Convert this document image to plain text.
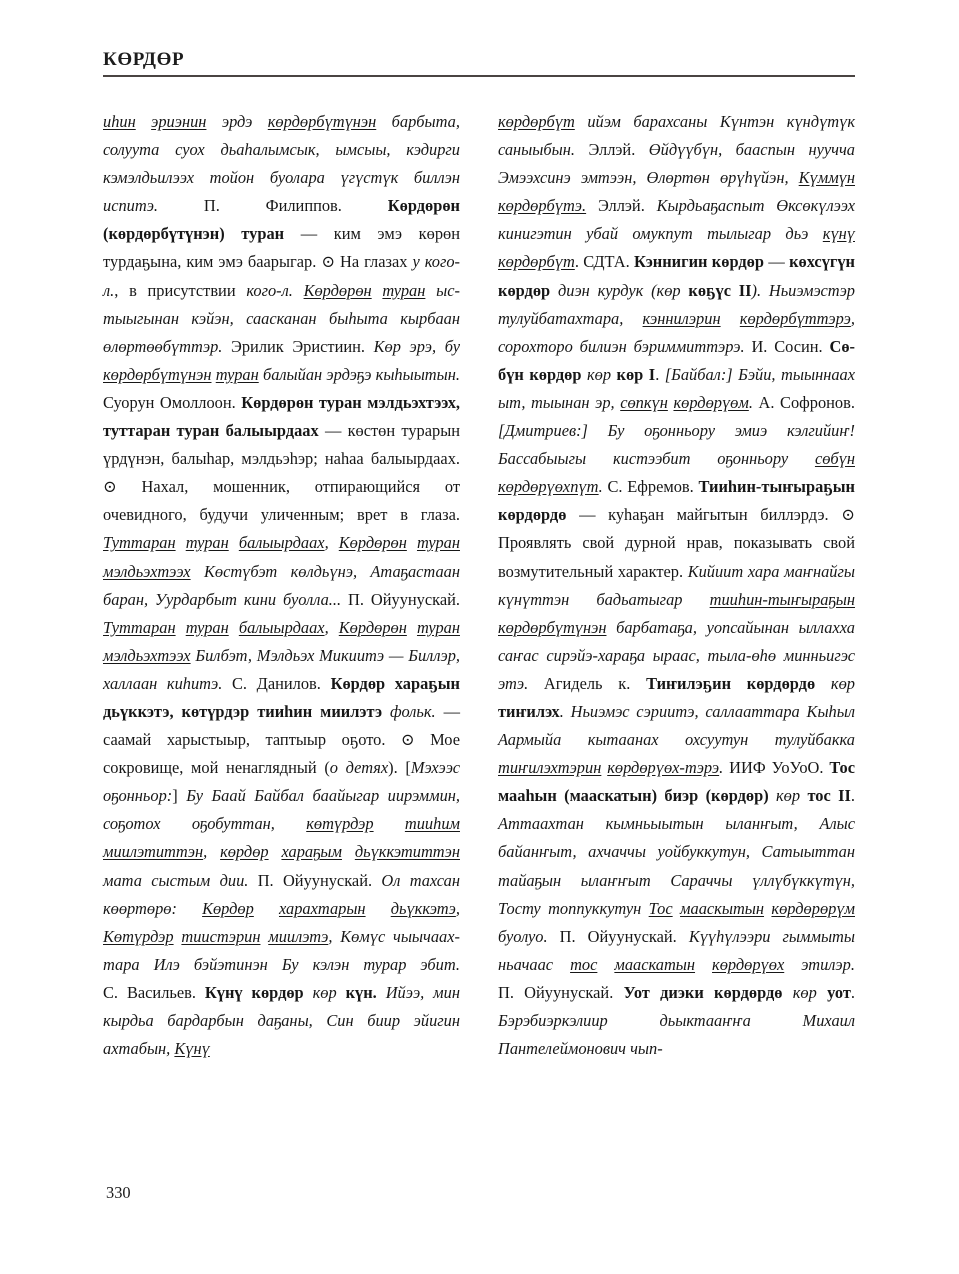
КӨРДӨР

иһин эриэнин эрдэ көрдөрбүтүнэн барбыта, солуута суох дьаһалымсык, ымсыы, кэдирги кэмэлдьилээх тойон буолара үгүстүк биллэн испитэ.	П. Филиппов.	Көрдөрөн (көрдөрбүтүнэн) туран — ким эмэ көрөн турдаҕына, ким эмэ баарыгар. ⊙ На глазах у кого-л., в присутствии кого-л. Көрдөрөн туран ыстыыгынан кэйэн, саасканан быһыта кырбаан өлөртөөбүттэр. Эрилик Эристиин. Көр эрэ, бу көрдөрбүтүнэн туран балыйан эрдэҕэ кыһыытын. Суорун Омоллоон. Көрдөрөн туран мэлдьэхтээх, туттаран туран балыырдаах — көстөн турарын үрдүнэн, балыһар, мэлдьэһэр; наһаа балыырдаах. ⊙ Нахал, мошенник, отпирающийся от очевидного, будучи уличенным; врет в глаза. Туттаран туран балыырдаах, Көрдөрөн туран мэлдьэхтээх Көстүбэт көлдьүнэ, Атаҕастаан баран, Уурдарбыт кини буолла... П. Ойуунускай. Туттаран туран балыырдаах, Көрдөрөн туран мэлдьэхтээх Билбэт, Мэлдьэх Микиитэ — Биллэр, халлаан киһитэ. С. Данилов. Көрдөр хараҕын дьүккэтэ, көтүрдэр тииһин миилэтэ фольк. — саамай харыстыыр, таптыыр оҕото. ⊙ Мое сокровище, мой ненаглядный (о детях). [Мэхээс оҕонньор:] Бу Баай Байбал баайыгар иирэммин, соҕотох оҕобуттан, көтүрдэр тииһим миилэтиттэн, көрдөр хараҕым дьүккэтиттэн мата сыстым дии. П. Ойуунускай. Ол тахсан көөртөрө: Көрдөр харахтарын дьүккэтэ, Көтүрдэр тиистэрин миилэтэ, Көмүс чыычаахтара Илэ бэйэтинэн Бу кэлэн турар эбит. С. Васильев. Күнү көрдөр көр күн. Ийээ, мин кырдьа бардарбын даҕаны, Син биир эйигин ахтабын, Күнү

көрдөрбүт ийэм барахсаны Күнтэн күндүтүк саныыбын. Эллэй. Өйдүүбүн, бааспын нуучча Эмээхсинэ эмтээн, Өлөртөн өрүһүйэн, Күммүн көрдөрбүтэ. Эллэй. Кырдьаҕаспыт Өксөкүлээх кинигэтин убай омукпут тылыгар дьэ күнү көрдөрбүт. СДТА. Кэннигин көрдөр — көхсүгүн көрдөр диэн курдук (көр көҕүс II). Ньиэмэстэр тулуйбатахтара, кэннилэрин көрдөрбүттэрэ, сорохторо билиэн бэриммиттэрэ. И. Сосин. Сөбүн көрдөр көр көр I. [Байбал:] Бэйи, тыыннаах ыт, тыынан эр, сөпкүн көрдөрүөм. А. Софронов. [Дмитриев:] Бу оҕонньору эмиэ кэлгийиҥ! Бассабыыгы кистээбит оҕонньору сөбүн көрдөрүөхпүт. С. Ефремов. Тииһин-тыҥыраҕын көрдөрдө — куһаҕан майгытын биллэрдэ. ⊙ Проявлять свой дурной нрав, показывать свой возмутительный характер. Кийиит хара маҥнайгы күнүттэн бадьатыгар тииһин-тыҥыраҕын көрдөрбүтүнэн барбатаҕа, уопсайынан ыллахха саҥас сирэйэ-хараҕа ыраас, тыла-өһө минньигэс этэ. Агидель к. Тиҥилэҕин көрдөрдө көр тиҥилэх. Ньиэмэс сэриитэ, саллааттара Кыһыл Аармыйа кытаанах охсуутун тулуйбакка тиҥилэхтэрин көрдөрүөх-тэрэ. ИИФ УоУоО. Тос мааһын (мааскатын) биэр (көрдөр) көр тос II. Аттаахтан кымньыытын ыланҥыт, Алыс байанҥыт, ахчаччы уойбуккутун, Сатыыттан тайаҕын ылаҥҥыт Сараччы үллүбүккүтүн, Тосту топпуккутун Тос мааскытын көрдөрөрүм буолуо. П. Ойуунускай. Күүһүлээри гыммыты ньачаас тос мааскатын көрдөрүөх этилэр. П. Ойуунускай. Уот диэки көрдөрдө көр уот. Бэрэбиэркэлиир дьыктааҥҥа Михаил Пантелеймонович чып-

330
